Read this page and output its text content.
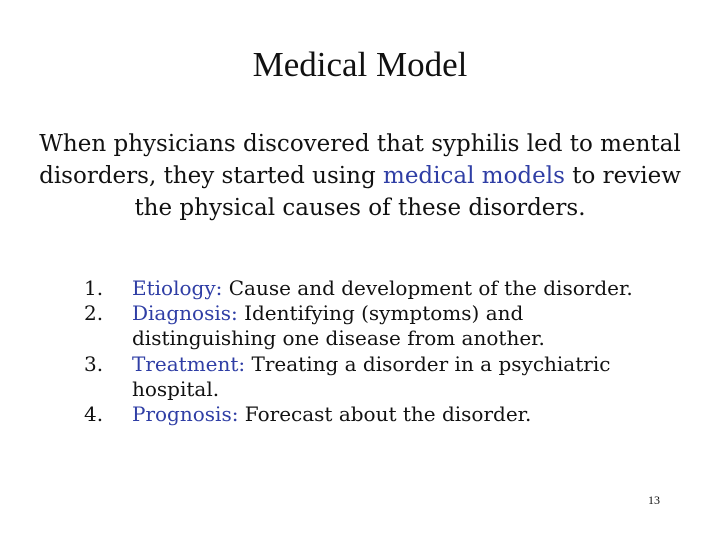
Medical Model
When physicians discovered that syphilis led to mental disorders, they started using medical models to review the physical causes of these disorders.
1.	Etiology: Cause and development of the disorder.
2.	Diagnosis: Identifying (symptoms) and distinguishing one disease from another.
3.	Treatment: Treating a disorder in a psychiatric hospital.
4.	Prognosis: Forecast about the disorder.
13
